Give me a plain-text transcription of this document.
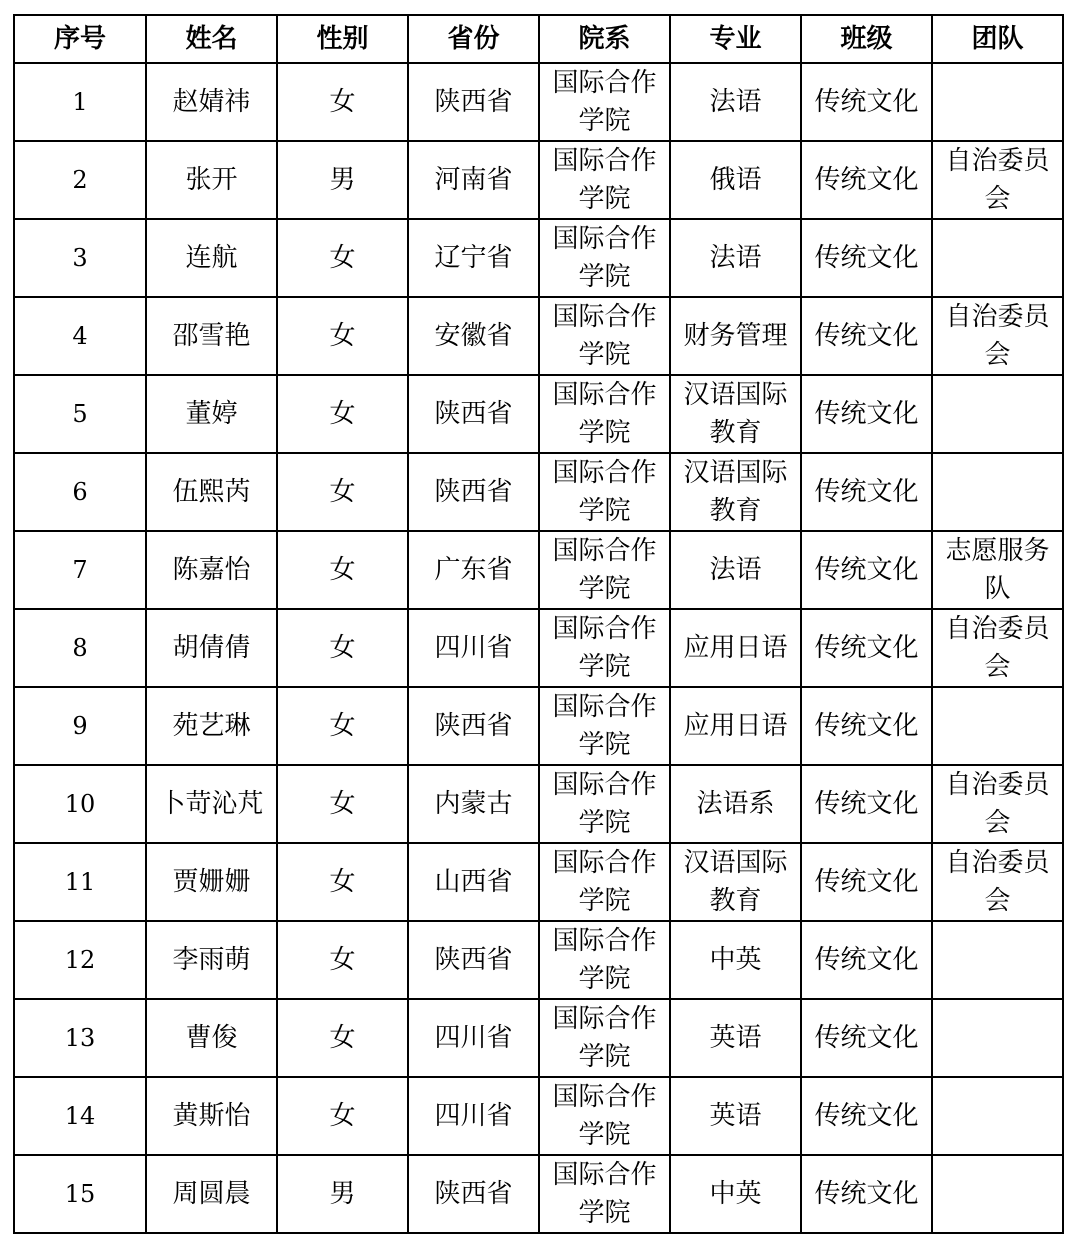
序号	姓名	性别	省份	院系	专业	班级	团队
1	赵婧祎	女	陕西省	国际合作学院	法语	传统文化	
2	张开	男	河南省	国际合作学院	俄语	传统文化	自治委员会
3	连航	女	辽宁省	国际合作学院	法语	传统文化	
4	邵雪艳	女	安徽省	国际合作学院	财务管理	传统文化	自治委员会
5	董婷	女	陕西省	国际合作学院	汉语国际教育	传统文化	
6	伍熙芮	女	陕西省	国际合作学院	汉语国际教育	传统文化	
7	陈嘉怡	女	广东省	国际合作学院	法语	传统文化	志愿服务队
8	胡倩倩	女	四川省	国际合作学院	应用日语	传统文化	自治委员会
9	苑艺琳	女	陕西省	国际合作学院	应用日语	传统文化	
10	卜苛沁芃	女	内蒙古	国际合作学院	法语系	传统文化	自治委员会
11	贾姗姗	女	山西省	国际合作学院	汉语国际教育	传统文化	自治委员会
12	李雨萌	女	陕西省	国际合作学院	中英	传统文化	
13	曹俊	女	四川省	国际合作学院	英语	传统文化	
14	黄斯怡	女	四川省	国际合作学院	英语	传统文化	
15	周圆晨	男	陕西省	国际合作学院	中英	传统文化	
